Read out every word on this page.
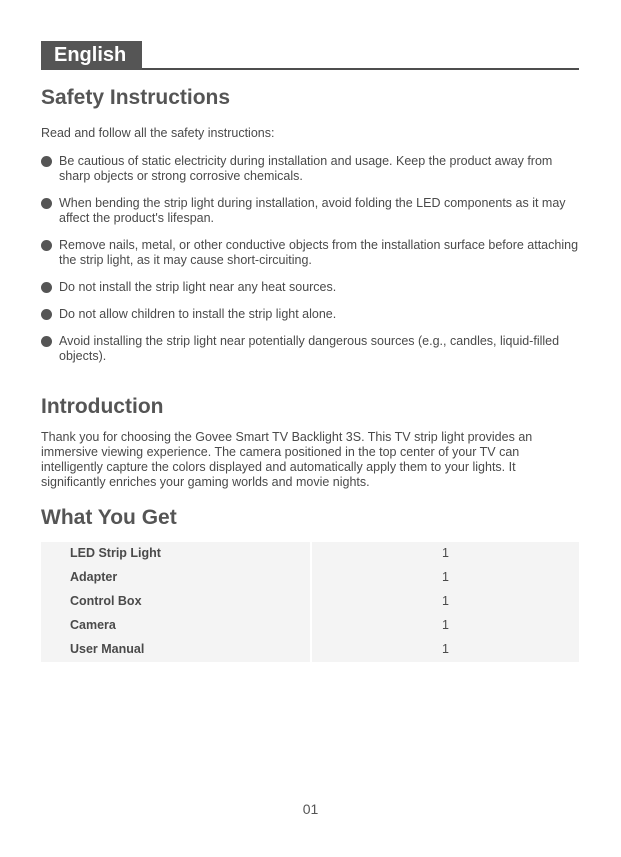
English
Safety Instructions

Read and follow all the safety instructions:

Be cautious of static electricity during installation and usage. Keep the product away from sharp objects or strong corrosive chemicals.
When bending the strip light during installation, avoid folding the LED components as it may affect the product's lifespan.
Remove nails, metal, or other conductive objects from the installation surface before attaching the strip light, as it may cause short-circuiting.
Do not install the strip light near any heat sources.
Do not allow children to install the strip light alone.
Avoid installing the strip light near potentially dangerous sources (e.g., candles, liquid-filled objects).
Introduction

Thank you for choosing the Govee Smart TV Backlight 3S. This TV strip light provides an immersive viewing experience. The camera positioned in the top center of your TV can intelligently capture the colors displayed and automatically apply them to your lights. It significantly enriches your gaming worlds and movie nights.

What You Get
LED Strip Light	1
Adapter	1
Control Box	1
Camera	1
User Manual	1
01
